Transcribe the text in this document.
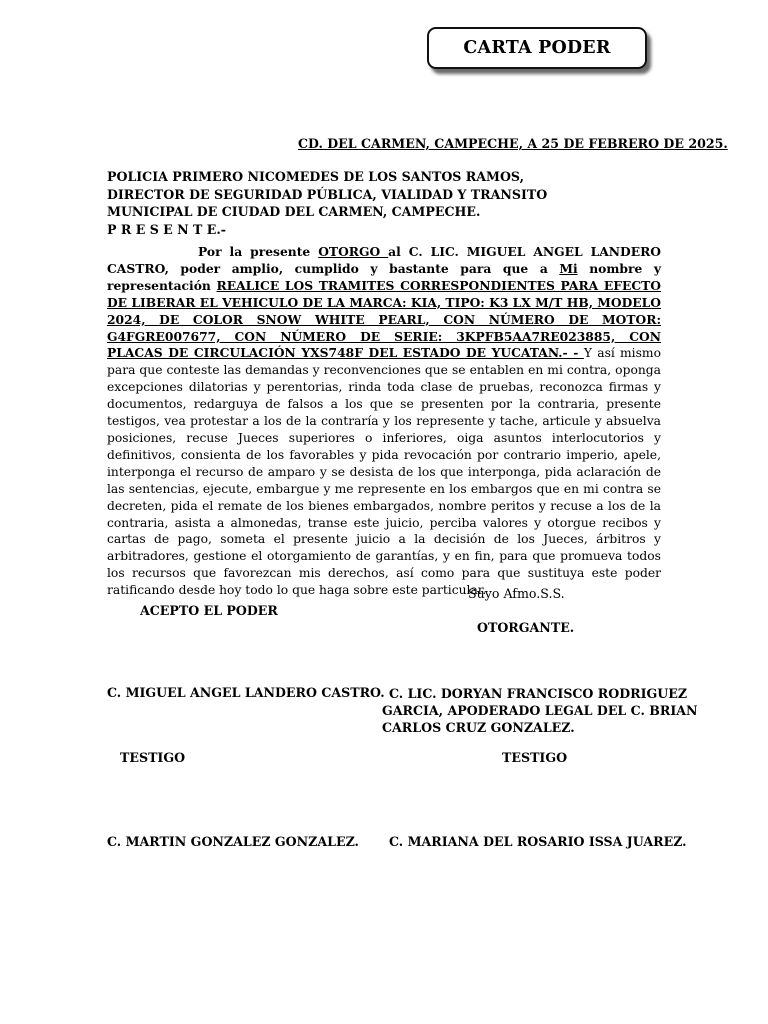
CARTA PODER
CD. DEL CARMEN, CAMPECHE, A 25 DE FEBRERO DE 2025.
POLICIA PRIMERO NICOMEDES DE LOS SANTOS RAMOS,
DIRECTOR DE SEGURIDAD PÚBLICA, VIALIDAD Y TRANSITO
MUNICIPAL DE CIUDAD DEL CARMEN, CAMPECHE.
P R E S E N T E.-
Por la presente OTORGO al C. LIC. MIGUEL ANGEL LANDERO CASTRO, poder amplio, cumplido y bastante para que a Mi nombre y representación REALICE LOS TRAMITES CORRESPONDIENTES PARA EFECTO DE LIBERAR EL VEHICULO DE LA MARCA: KIA, TIPO: K3 LX M/T HB, MODELO 2024, DE COLOR SNOW WHITE PEARL, CON NÚMERO DE MOTOR: G4FGRE007677, CON NÚMERO DE SERIE: 3KPFB5AA7RE023885, CON PLACAS DE CIRCULACIÓN YXS748F DEL ESTADO DE YUCATAN.- - Y así mismo para que conteste las demandas y reconvenciones que se entablen en mi contra, oponga excepciones dilatorias y perentorias, rinda toda clase de pruebas, reconozca firmas y documentos, redarguya de falsos a los que se presenten por la contraria, presente testigos, vea protestar a los de la contraría y los represente y tache, articule y absuelva posiciones, recuse Jueces superiores o inferiores, oiga asuntos interlocutorios y definitivos, consienta de los favorables y pida revocación por contrario imperio, apele, interponga el recurso de amparo y se desista de los que interponga, pida aclaración de las sentencias, ejecute, embargue y me represente en los embargos que en mi contra se decreten, pida el remate de los bienes embargados, nombre peritos y recuse a los de la contraria, asista a almonedas, transe este juicio, perciba valores y otorgue recibos y cartas de pago, someta el presente juicio a la decisión de los Jueces, árbitros y arbitradores, gestione el otorgamiento de garantías, y en fin, para que promueva todos los recursos que favorezcan mis derechos, así como para que sustituya este poder ratificando desde hoy todo lo que haga sobre este particular.
Suyo Afmo.S.S.
ACEPTO EL PODER
OTORGANTE.
C. MIGUEL ANGEL LANDERO CASTRO. C. LIC. DORYAN FRANCISCO RODRIGUEZ
GARCIA, APODERADO LEGAL DEL C. BRIAN
CARLOS CRUZ GONZALEZ.
TESTIGO	TESTIGO
C. MARTIN GONZALEZ GONZALEZ. C. MARIANA DEL ROSARIO ISSA JUAREZ.
